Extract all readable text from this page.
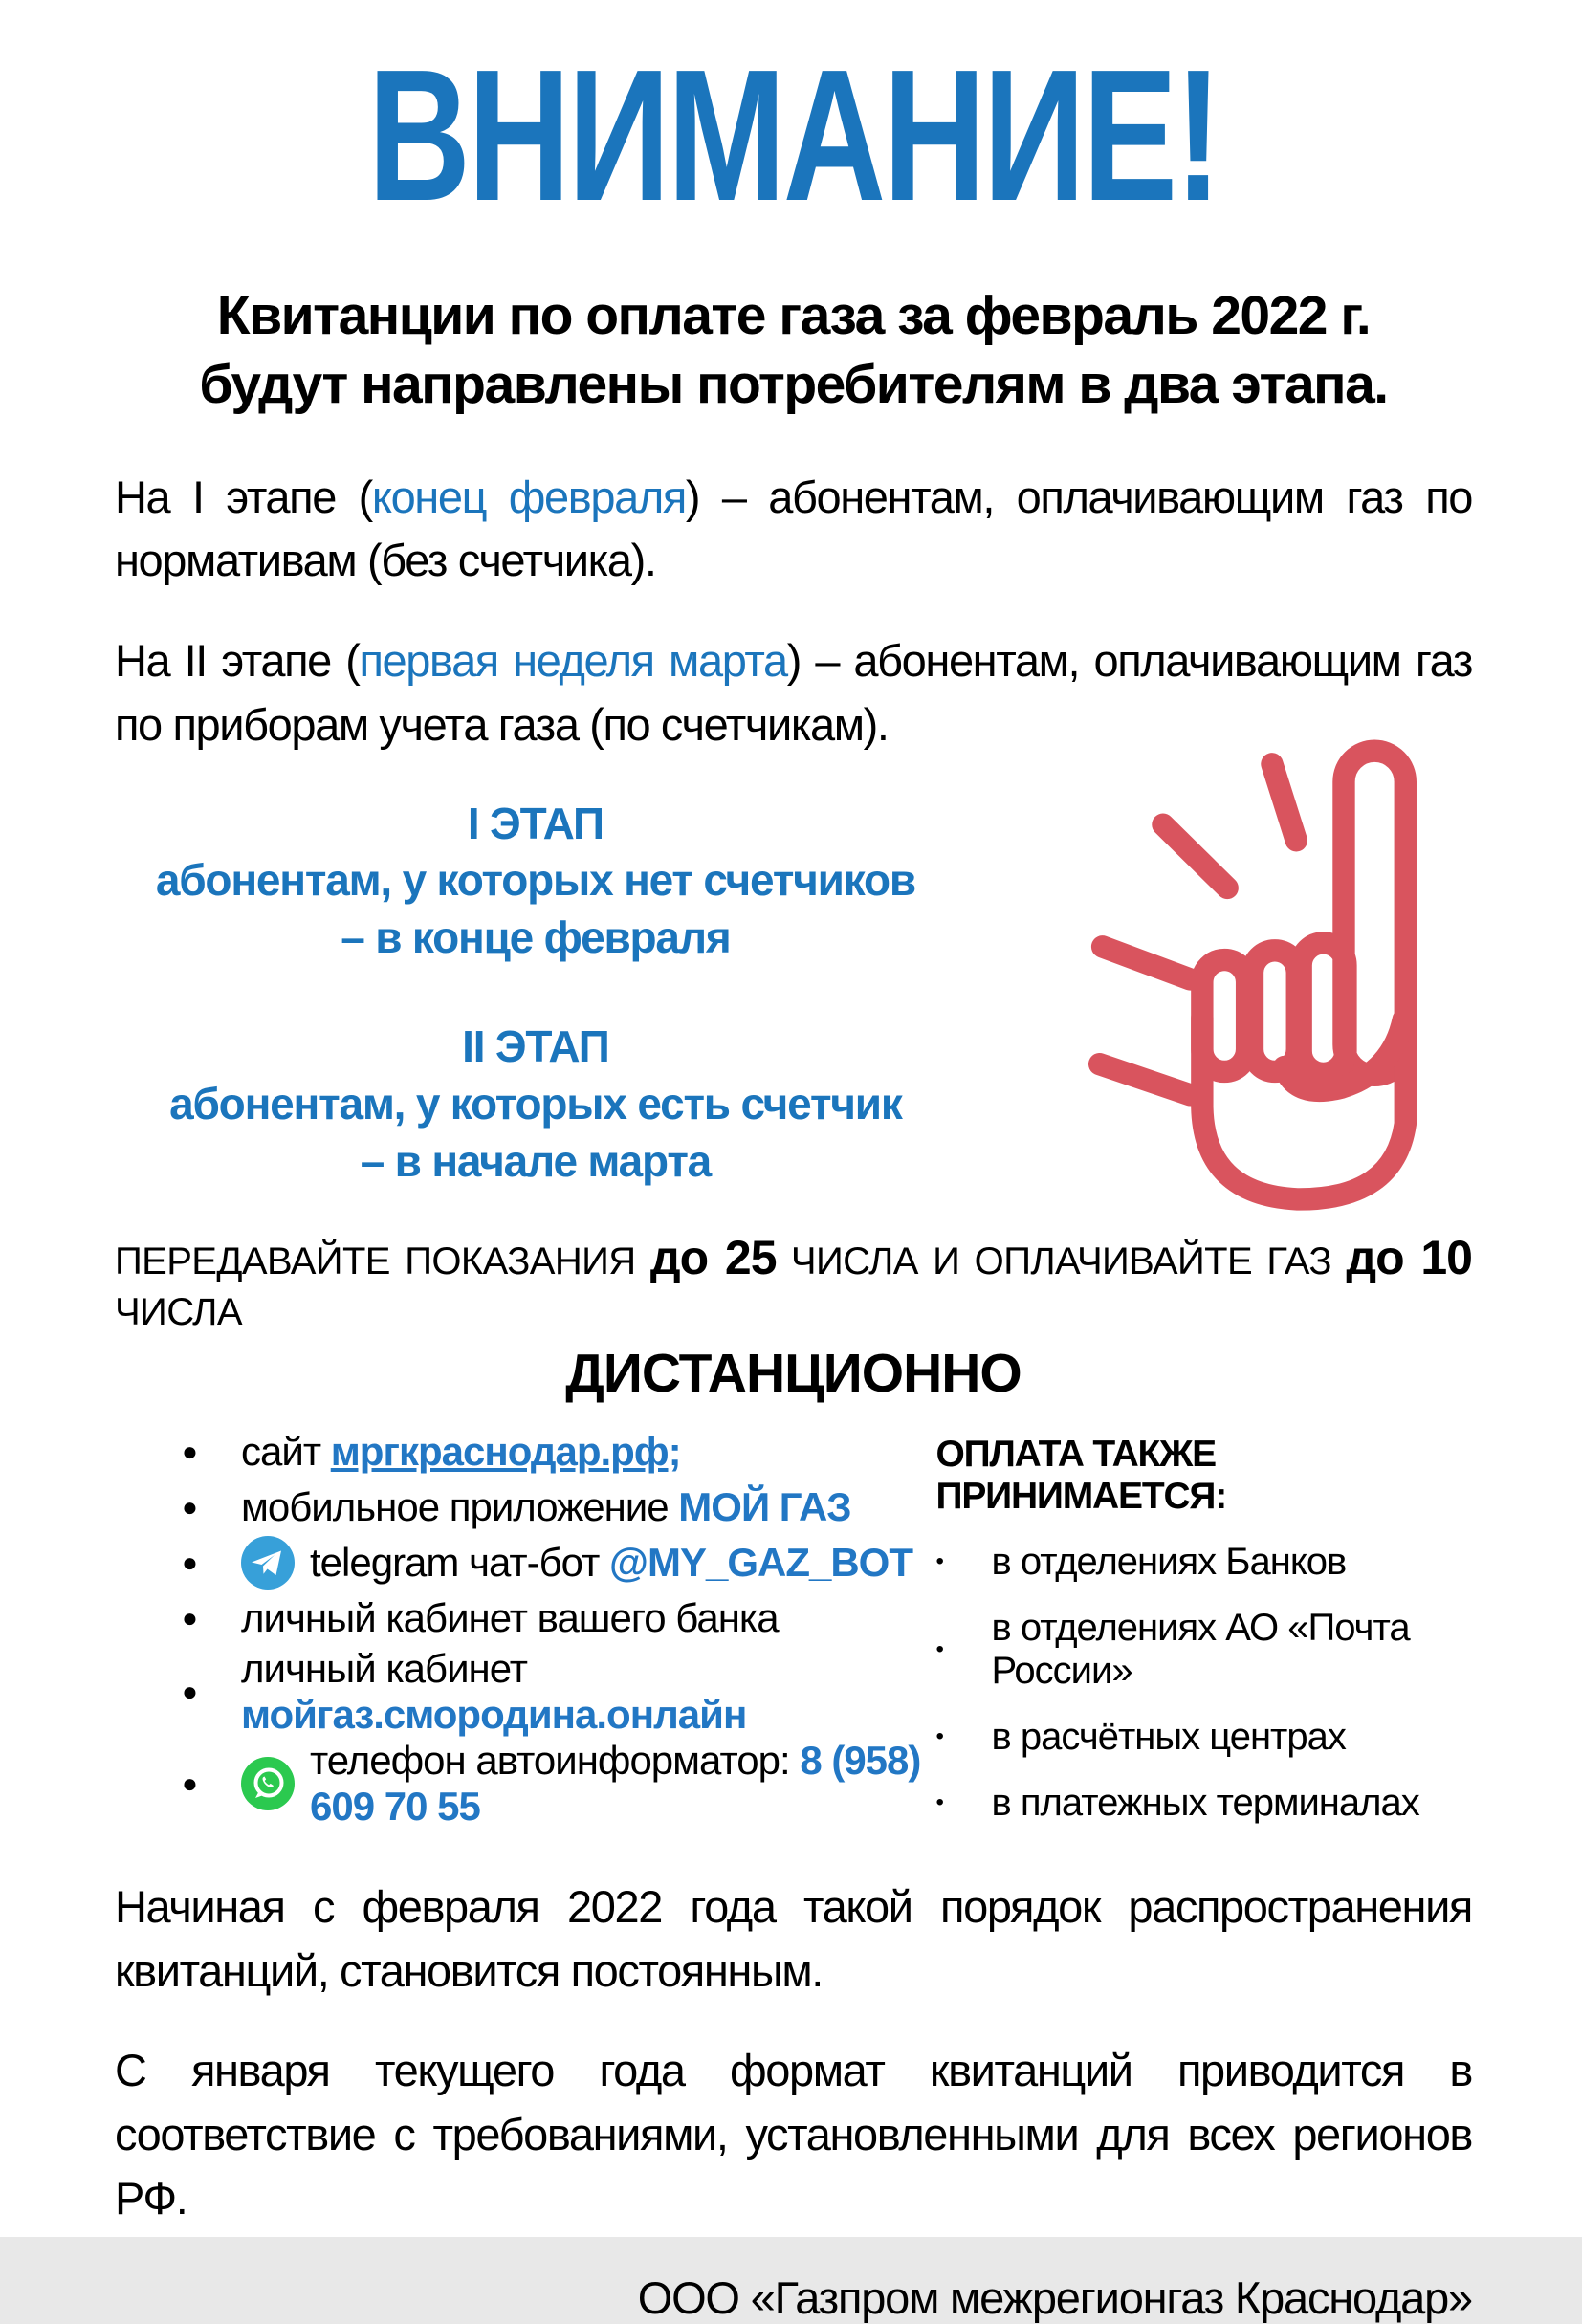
ВНИМАНИЕ!
Квитанции по оплате газа за февраль 2022 г.
будут направлены потребителям в два этапа.

На I этапе (конец февраля) – абонентам, оплачивающим газ по нормативам (без счетчика).

На II этапе (первая неделя марта) – абонентам, оплачивающим газ по приборам учета газа (по счетчикам).

I ЭТАП
абонентам, у которых нет счетчиков
– в конце февраля
II ЭТАП
абонентам, у которых есть счетчик
– в начале марта
ПЕРЕДАВАЙТЕ ПОКАЗАНИЯ до 25 ЧИСЛА И ОПЛАЧИВАЙТЕ ГАЗ до 10 ЧИСЛА
ДИСТАНЦИОННО
●	сайт мргкраснодар.рф;
●	мобильное приложение МОЙ ГАЗ
●	telegram чат-бот @MY_GAZ_BOT
●	личный кабинет вашего банка
●
личный кабинет мойгаз.смородина.онлайн
●
телефон автоинформатор: 8 (958) 609 70 55
ОПЛАТА ТАКЖЕ ПРИНИМАЕТСЯ:
•	в отделениях Банков
•
в отделениях АО «Почта России»
•	в расчётных центрах
•	в платежных терминалах

Начиная с февраля 2022 года такой порядок распространения квитанций, становится постоянным.

С января текущего года формат квитанций приводится в соответствие с требованиями, установленными для всех регионов РФ.

ООО «Газпром межрегионгаз Краснодар»
